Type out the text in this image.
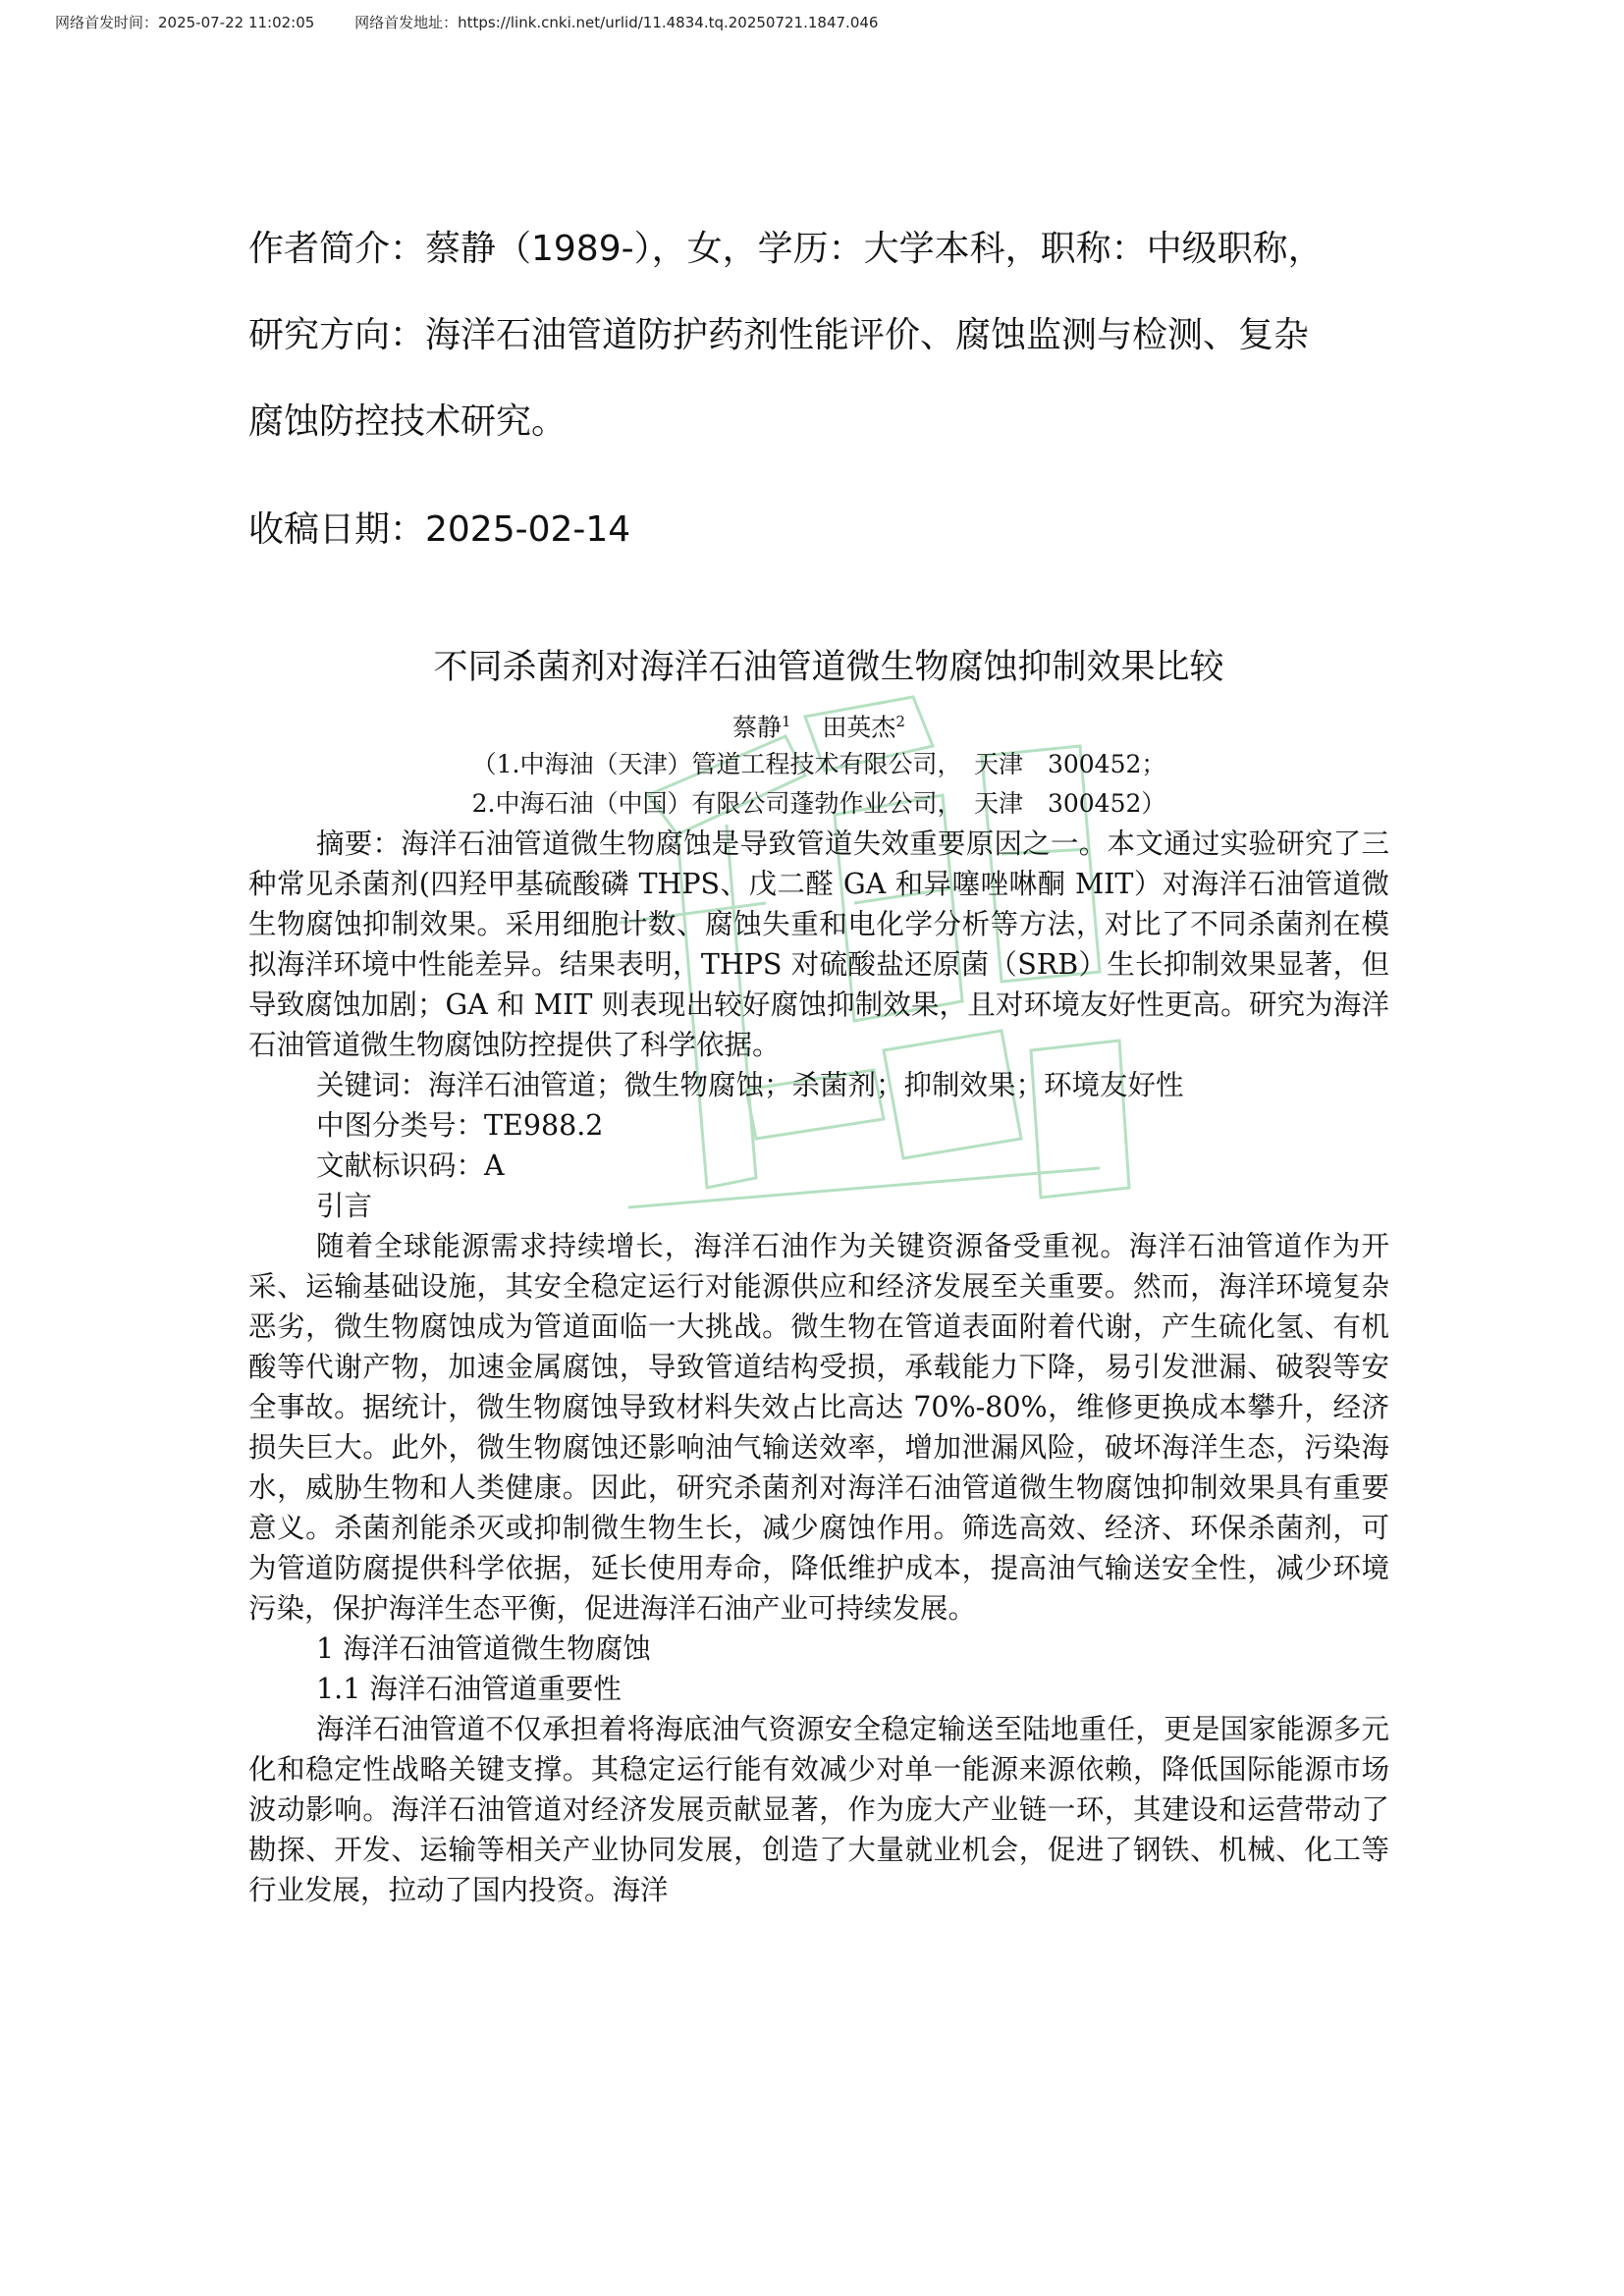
网络首发时间：2025-07-22 11:02:05	网络首发地址：https://link.cnki.net/urlid/11.4834.tq.20250721.1847.046

作者简介：蔡静（1989-），女，学历：大学本科，职称：中级职称，

研究方向：海洋石油管道防护药剂性能评价、腐蚀监测与检测、复杂

腐蚀防控技术研究。

收稿日期：2025-02-14

不同杀菌剂对海洋石油管道微生物腐蚀抑制效果比较
蔡静$^1$ 田英杰$^2$
（1.中海油（天津）管道工程技术有限公司，　天津　300452；
2.中海石油（中国）有限公司蓬勃作业公司，　天津　300452）

摘要：海洋石油管道微生物腐蚀是导致管道失效重要原因之一。本文通过实验研究了三种常见杀菌剂(四羟甲基硫酸磷 THPS、戊二醛 GA 和异噻唑啉酮 MIT）对海洋石油管道微生物腐蚀抑制效果。采用细胞计数、腐蚀失重和电化学分析等方法，对比了不同杀菌剂在模拟海洋环境中性能差异。结果表明，THPS 对硫酸盐还原菌（SRB）生长抑制效果显著，但导致腐蚀加剧；GA 和 MIT 则表现出较好腐蚀抑制效果，且对环境友好性更高。研究为海洋石油管道微生物腐蚀防控提供了科学依据。

关键词：海洋石油管道；微生物腐蚀；杀菌剂；抑制效果；环境友好性

中图分类号：TE988.2

文献标识码：A

引言

随着全球能源需求持续增长，海洋石油作为关键资源备受重视。海洋石油管道作为开采、运输基础设施，其安全稳定运行对能源供应和经济发展至关重要。然而，海洋环境复杂恶劣，微生物腐蚀成为管道面临一大挑战。微生物在管道表面附着代谢，产生硫化氢、有机酸等代谢产物，加速金属腐蚀，导致管道结构受损，承载能力下降，易引发泄漏、破裂等安全事故。据统计，微生物腐蚀导致材料失效占比高达 70%-80%，维修更换成本攀升，经济损失巨大。此外，微生物腐蚀还影响油气输送效率，增加泄漏风险，破坏海洋生态，污染海水，威胁生物和人类健康。因此，研究杀菌剂对海洋石油管道微生物腐蚀抑制效果具有重要意义。杀菌剂能杀灭或抑制微生物生长，减少腐蚀作用。筛选高效、经济、环保杀菌剂，可为管道防腐提供科学依据，延长使用寿命，降低维护成本，提高油气输送安全性，减少环境污染，保护海洋生态平衡，促进海洋石油产业可持续发展。

1 海洋石油管道微生物腐蚀

1.1 海洋石油管道重要性

海洋石油管道不仅承担着将海底油气资源安全稳定输送至陆地重任，更是国家能源多元化和稳定性战略关键支撑。其稳定运行能有效减少对单一能源来源依赖，降低国际能源市场波动影响。海洋石油管道对经济发展贡献显著，作为庞大产业链一环，其建设和运营带动了勘探、开发、运输等相关产业协同发展，创造了大量就业机会，促进了钢铁、机械、化工等行业发展，拉动了国内投资。海洋
